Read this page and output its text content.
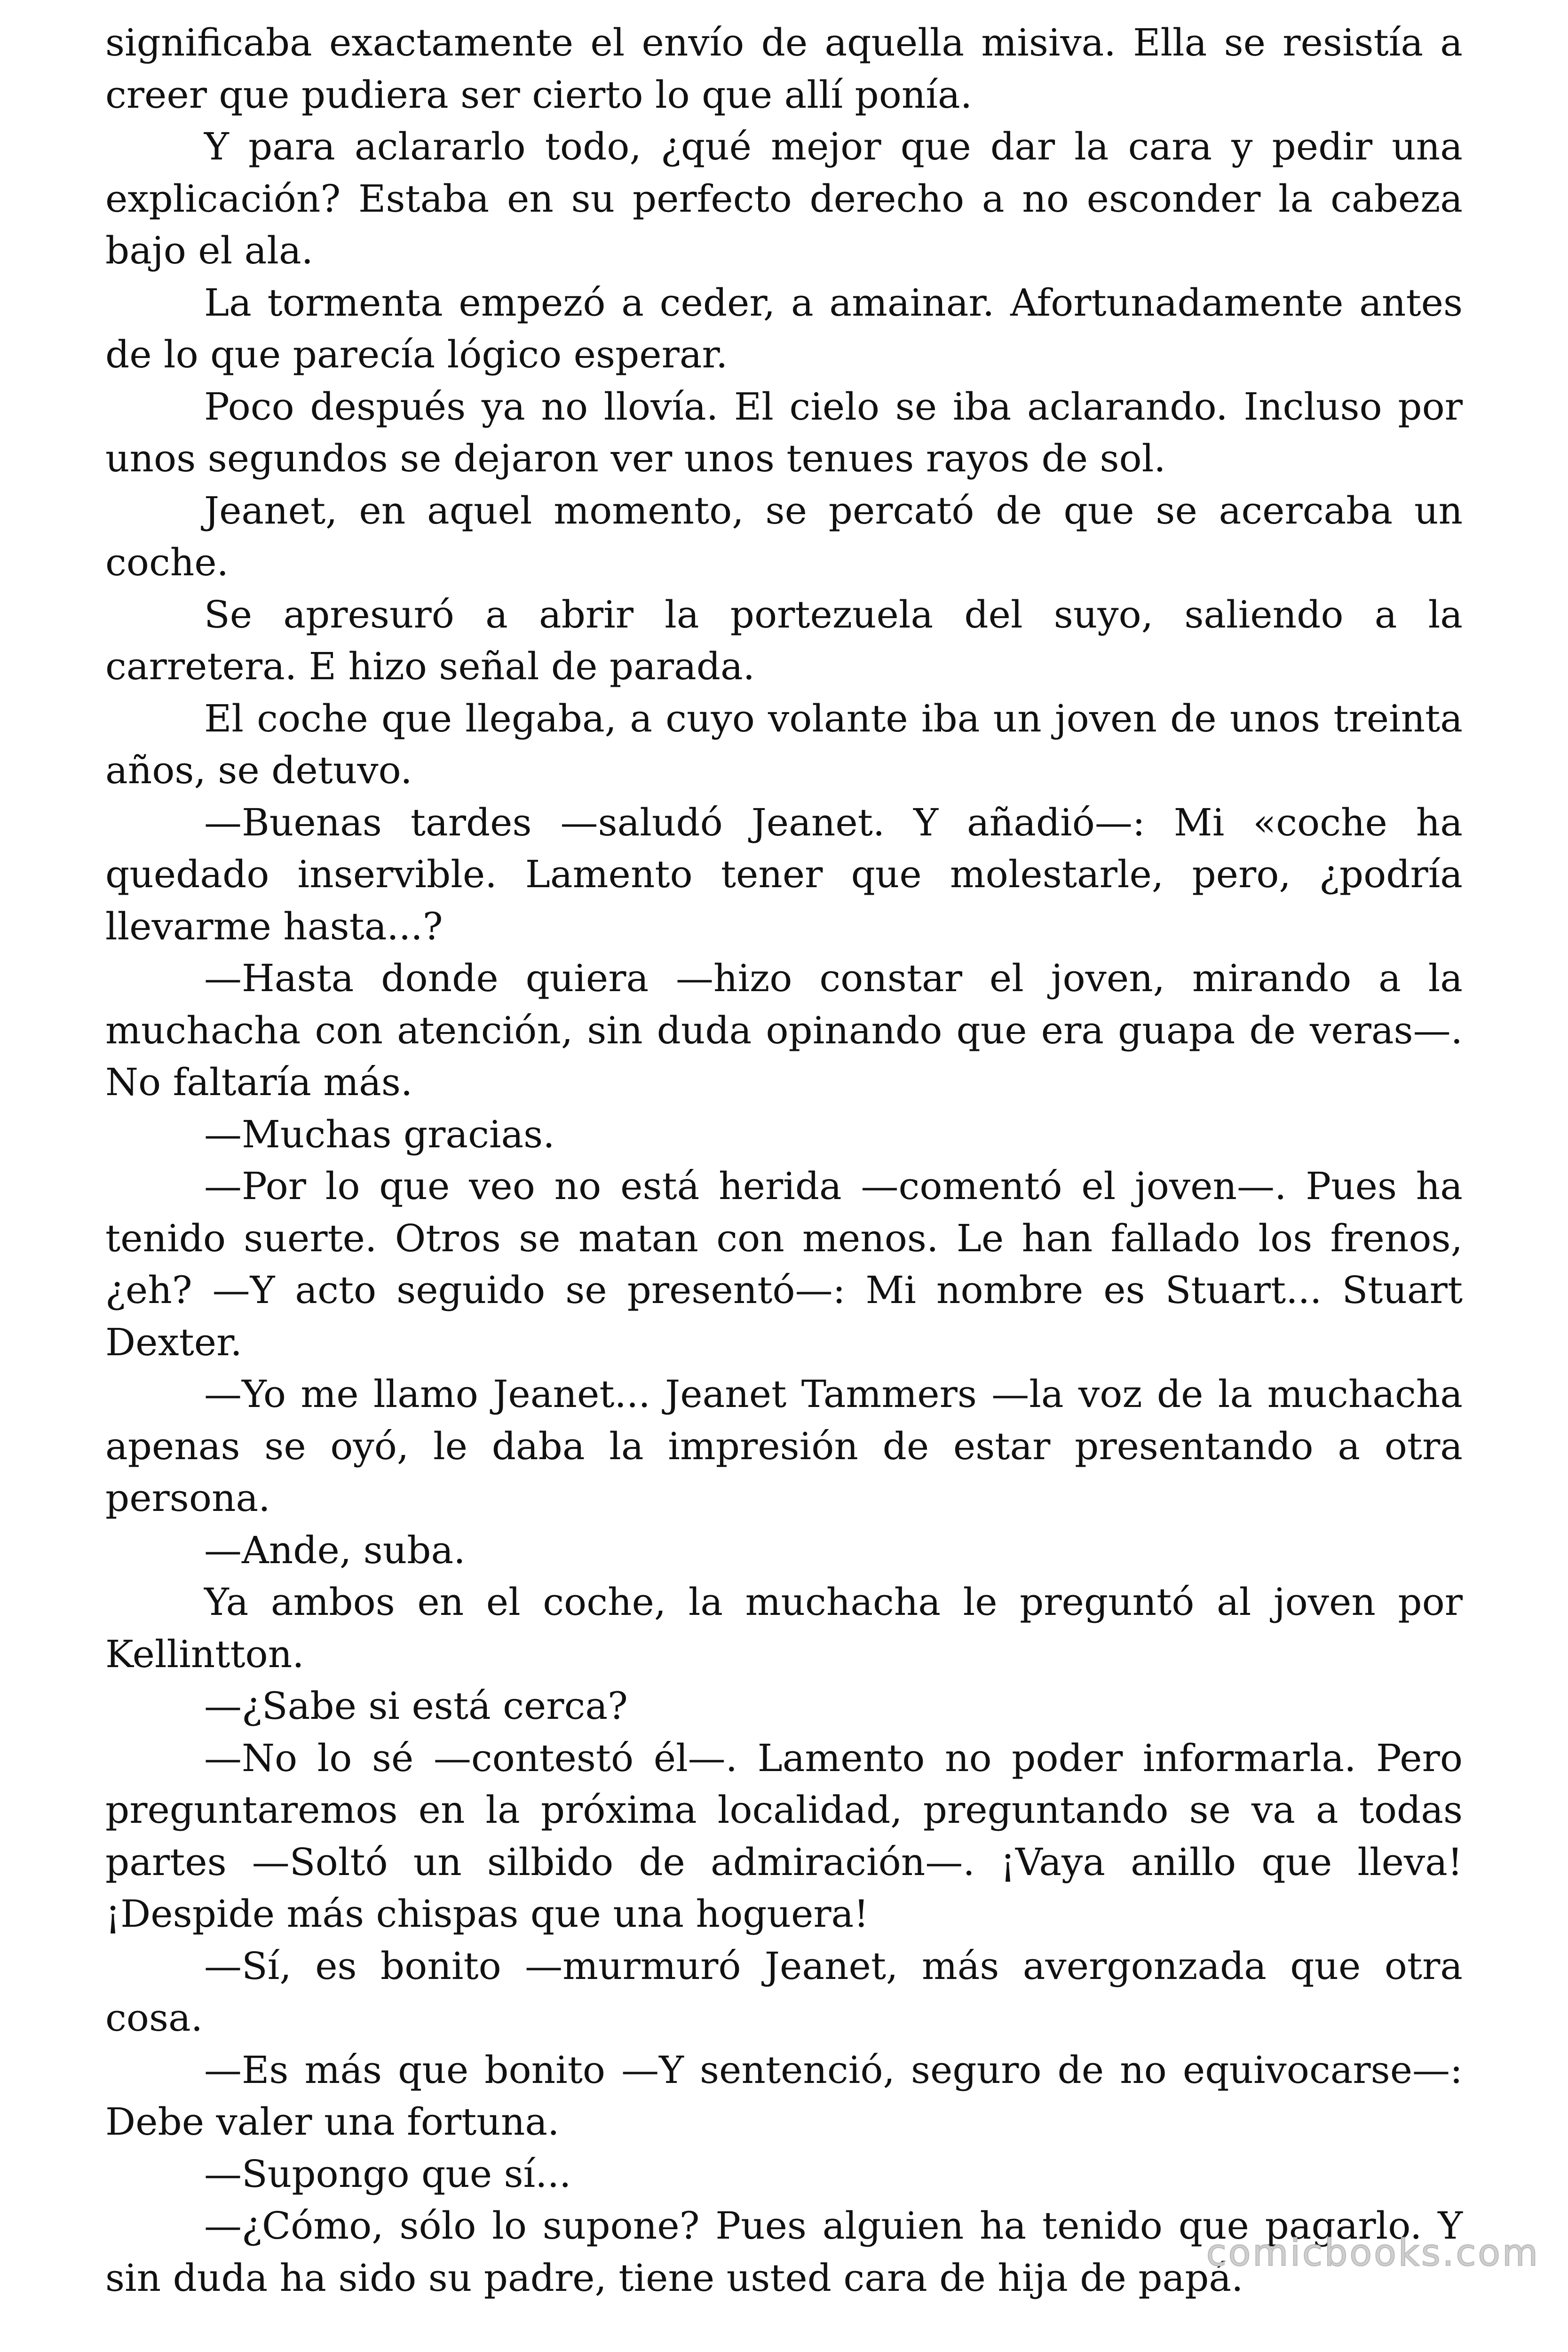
significaba exactamente el envío de aquella misiva. Ella se resistía a creer que pudiera ser cierto lo que allí ponía.

Y para aclararlo todo, ¿qué mejor que dar la cara y pedir una explicación? Estaba en su perfecto derecho a no esconder la cabeza bajo el ala.

La tormenta empezó a ceder, a amainar. Afortunadamente antes de lo que parecía lógico esperar.

Poco después ya no llovía. El cielo se iba aclarando. Incluso por unos segundos se dejaron ver unos tenues rayos de sol.

Jeanet, en aquel momento, se percató de que se acercaba un coche.

Se apresuró a abrir la portezuela del suyo, saliendo a la carretera. E hizo señal de parada.

El coche que llegaba, a cuyo volante iba un joven de unos treinta años, se detuvo.

—Buenas tardes —saludó Jeanet. Y añadió—: Mi «coche ha quedado inservible. Lamento tener que molestarle, pero, ¿podría llevarme hasta...?

—Hasta donde quiera —hizo constar el joven, mirando a la muchacha con atención, sin duda opinando que era guapa de veras—. No faltaría más.

—Muchas gracias.

—Por lo que veo no está herida —comentó el joven—. Pues ha tenido suerte. Otros se matan con menos. Le han fallado los frenos, ¿eh? —Y acto seguido se presentó—: Mi nombre es Stuart... Stuart Dexter.

—Yo me llamo Jeanet... Jeanet Tammers —la voz de la muchacha apenas se oyó, le daba la impresión de estar presentando a otra persona.

—Ande, suba.

Ya ambos en el coche, la muchacha le preguntó al joven por Kellintton.

—¿Sabe si está cerca?

—No lo sé —contestó él—. Lamento no poder informarla. Pero preguntaremos en la próxima localidad, preguntando se va a todas partes —Soltó un silbido de admiración—. ¡Vaya anillo que lleva! ¡Despide más chispas que una hoguera!

—Sí, es bonito —murmuró Jeanet, más avergonzada que otra cosa.

—Es más que bonito —Y sentenció, seguro de no equivocarse—: Debe valer una fortuna.

—Supongo que sí...

—¿Cómo, sólo lo supone? Pues alguien ha tenido que pagarlo. Y sin duda ha sido su padre, tiene usted cara de hija de papá.

comicbooks.com
